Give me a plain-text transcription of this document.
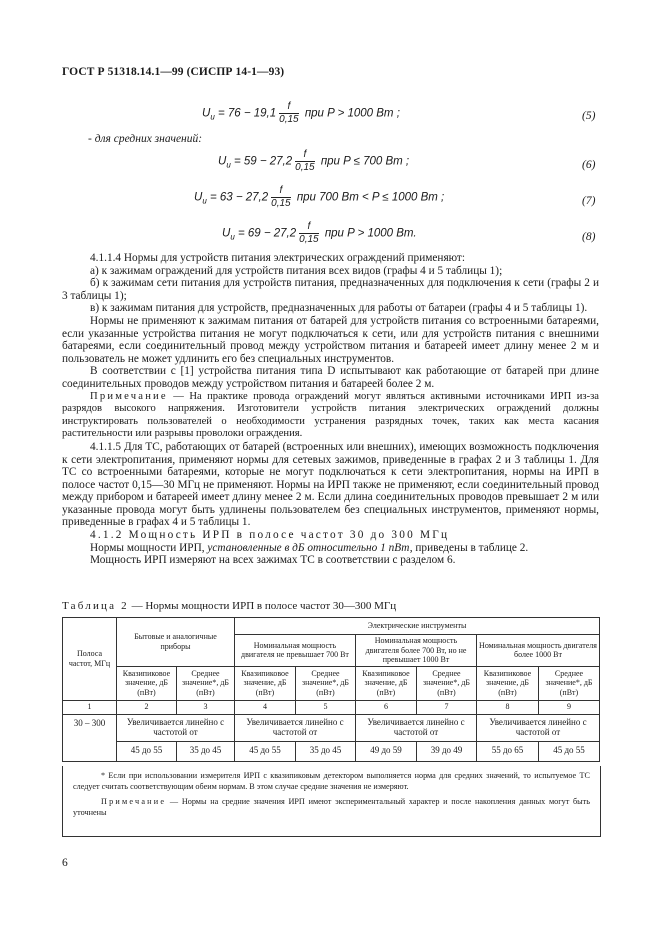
ГОСТ Р 51318.14.1—99 (СИСПР 14-1—93)
$U_и = 76 - 19,1 \frac{f}{0,15}$ при P > 1000 Вт ;	(5)
- для средних значений:
$U_и = 59 - 27,2 \frac{f}{0,15}$ при P ≤ 700 Вт ;	(6)
$U_и = 63 - 27,2 \frac{f}{0,15}$ при 700 Вт < P ≤ 1000 Вт ;	(7)
$U_и = 69 - 27,2 \frac{f}{0,15}$ при P > 1000 Вт.	(8)

4.1.1.4 Нормы для устройств питания электрических ограждений применяют:

а) к зажимам ограждений для устройств питания всех видов (графы 4 и 5 таблицы 1);

б) к зажимам сети питания для устройств питания, предназначенных для подключения к сети (графы 2 и 3 таблицы 1);

в) к зажимам питания для устройств, предназначенных для работы от батареи (графы 4 и 5 таблицы 1).

Нормы не применяют к зажимам питания от батарей для устройств питания со встроенными батареями, если указанные устройства питания не могут подключаться к сети, или для устройств питания с внешними батареями, если соединительный провод между устройством питания и батареей имеет длину менее 2 м и пользователь не может удлинить его без специальных инструментов.

В соответствии с [1] устройства питания типа D испытывают как работающие от батарей при длине соединительных проводов между устройством питания и батареей более 2 м.

Примечание — На практике провода ограждений могут являться активными источниками ИРП из-за разрядов высокого напряжения. Изготовители устройств питания электрических ограждений должны инструктировать пользователей о необходимости устранения разрядных точек, таких как места касания растительности или разрывы проволоки ограждения.

4.1.1.5 Для ТС, работающих от батарей (встроенных или внешних), имеющих возможность подключения к сети электропитания, применяют нормы для сетевых зажимов, приведенные в графах 2 и 3 таблицы 1. Для ТС со встроенными батареями, которые не могут подключаться к сети электропитания, нормы на ИРП в полосе частот 0,15—30 МГц не применяют. Нормы на ИРП также не применяют, если соединительный провод между прибором и батареей имеет длину менее 2 м. Если длина соединительных проводов превышает 2 м или указанные провода могут быть удлинены пользователем без специальных инструментов, применяют нормы, приведенные в графах 4 и 5 таблицы 1.

4.1.2 Мощность ИРП в полосе частот 30 до 300 МГц

Нормы мощности ИРП, установленные в дБ относительно 1 пВт, приведены в таблице 2.

Мощность ИРП измеряют на всех зажимах ТС в соответствии с разделом 6.

Таблица 2 — Нормы мощности ИРП в полосе частот 30—300 МГц
Полоса частот, МГц	Бытовые и аналогичные приборы		Электрические инструменты					
			Номинальная мощность двигателя не превышает 700 Вт		Номинальная мощность двигателя более 700 Вт, но не превышает 1000 Вт		Номинальная мощность двигателя более 1000 Вт	
	Квазипиковое значение, дБ (пВт)	Среднее значение*, дБ (пВт)	Квазипиковое значение, дБ (пВт)	Среднее значение*, дБ (пВт)	Квазипиковое значение, дБ (пВт)	Среднее значение*, дБ (пВт)	Квазипиковое значение, дБ (пВт)	Среднее значение*, дБ (пВт)
1	2	3	4	5	6	7	8	9
30 – 300	Увеличивается линейно с частотой от		Увеличивается линейно с частотой от		Увеличивается линейно с частотой от		Увеличивается линейно с частотой от	
	45 до 55	35 до 45	45 до 55	35 до 45	49 до 59	39 до 49	55 до 65	45 до 55

* Если при использовании измерителя ИРП с квазипиковым детектором выполняется норма для средних значений, то испытуемое ТС следует считать соответствующим обеим нормам. В этом случае средние значения не измеряют.

Примечание — Нормы на средние значения ИРП имеют экспериментальный характер и после накопления данных могут быть уточнены

6
